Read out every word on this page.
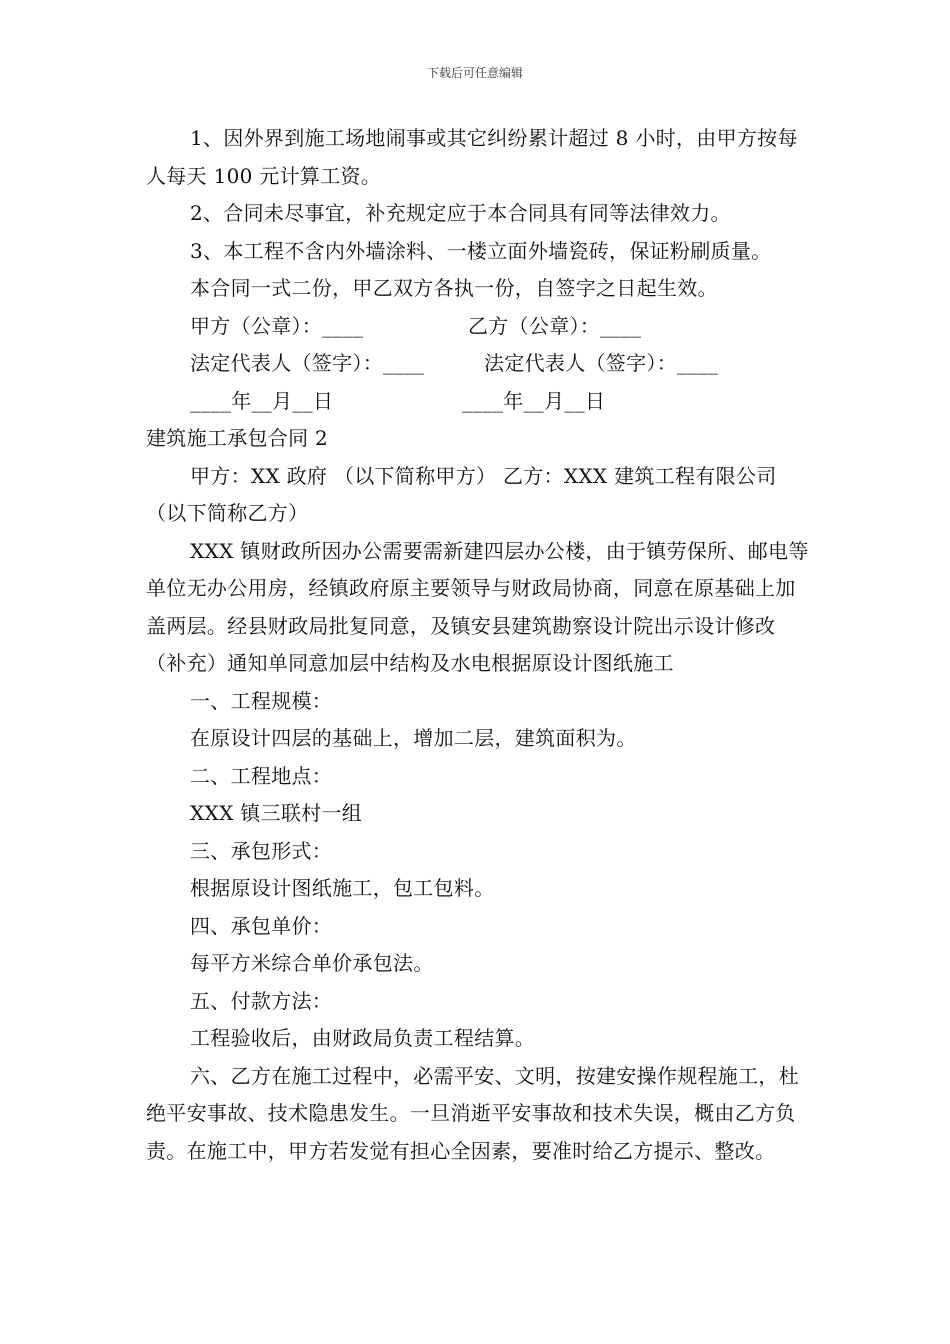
下载后可任意编辑

1、因外界到施工场地闹事或其它纠纷累计超过 8 小时，由甲方按每人每天 100 元计算工资。

2、合同未尽事宜，补充规定应于本合同具有同等法律效力。

3、本工程不含内外墙涂料、一楼立面外墙瓷砖，保证粉刷质量。

本合同一式二份，甲乙双方各执一份，自签字之日起生效。

甲方（公章）：____	乙方（公章）：____
法定代表人（签字）：____	法定代表人（签字）：____
____年__月__日	____年__月__日

建筑施工承包合同 2

甲方：XX 政府 （以下简称甲方） 乙方：XXX 建筑工程有限公司（以下简称乙方）

XXX 镇财政所因办公需要需新建四层办公楼，由于镇劳保所、邮电等单位无办公用房，经镇政府原主要领导与财政局协商，同意在原基础上加盖两层。经县财政局批复同意，及镇安县建筑勘察设计院出示设计修改（补充）通知单同意加层中结构及水电根据原设计图纸施工

一、工程规模：

在原设计四层的基础上，增加二层，建筑面积为。

二、工程地点：

XXX 镇三联村一组

三、承包形式：

根据原设计图纸施工，包工包料。

四、承包单价：

每平方米综合单价承包法。

五、付款方法：

工程验收后，由财政局负责工程结算。

六、乙方在施工过程中，必需平安、文明，按建安操作规程施工，杜绝平安事故、技术隐患发生。一旦消逝平安事故和技术失误，概由乙方负责。在施工中，甲方若发觉有担心全因素，要准时给乙方提示、整改。
